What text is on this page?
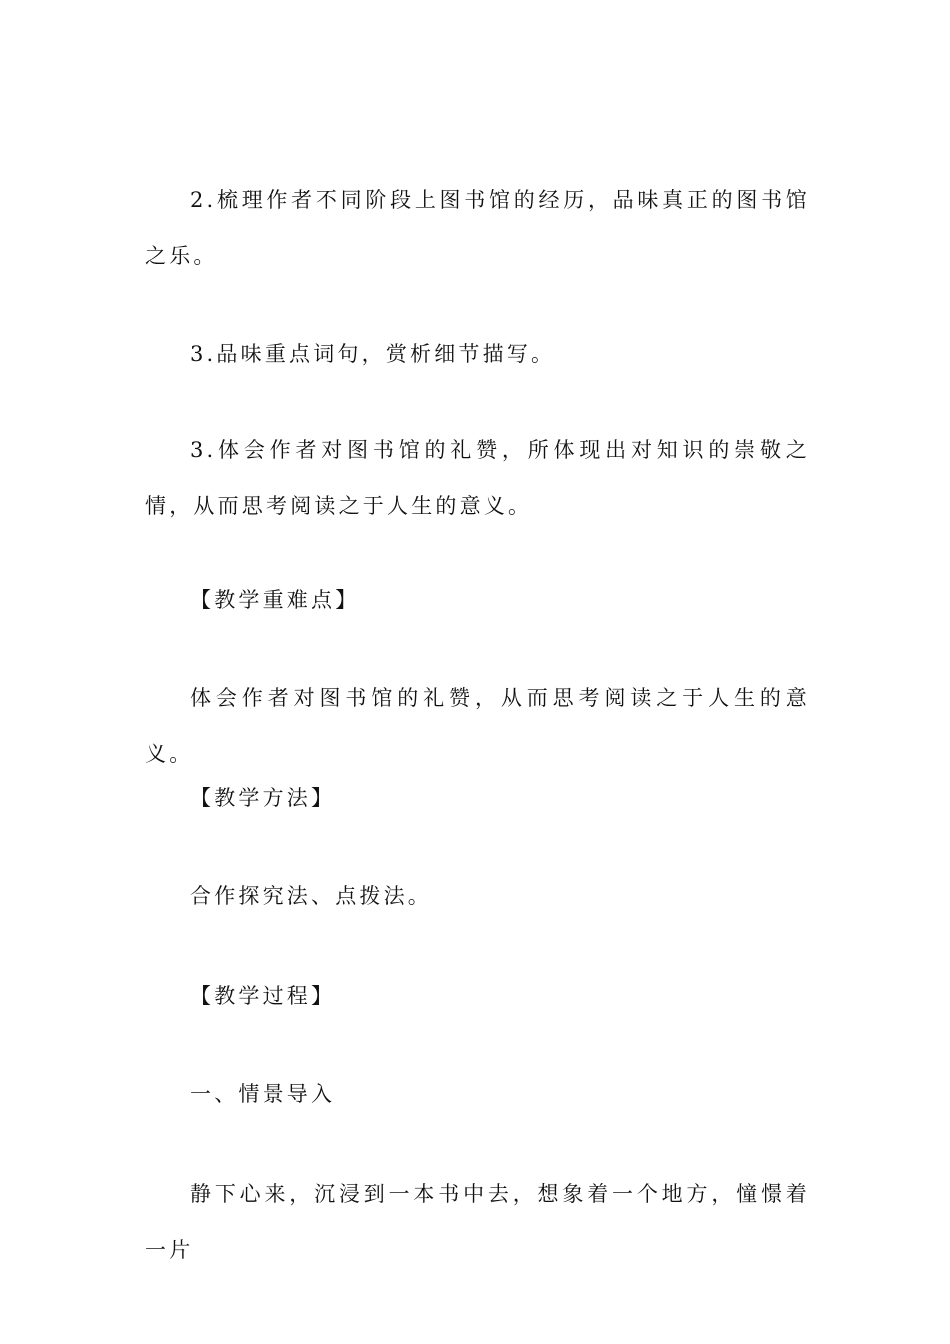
2.梳理作者不同阶段上图书馆的经历，品味真正的图书馆之乐。

3.品味重点词句，赏析细节描写。

3.体会作者对图书馆的礼赞，所体现出对知识的崇敬之情，从而思考阅读之于人生的意义。

【教学重难点】

体会作者对图书馆的礼赞，从而思考阅读之于人生的意义。

【教学方法】

合作探究法、点拨法。

【教学过程】

一、情景导入

静下心来，沉浸到一本书中去，想象着一个地方，憧憬着一片
